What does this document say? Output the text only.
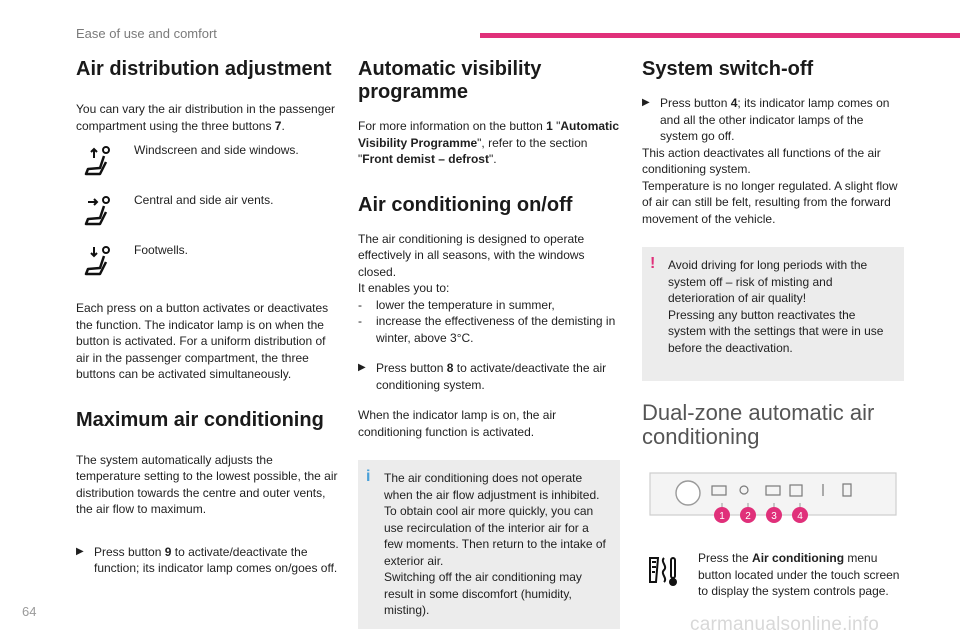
Ease of use and comfort
Air distribution adjustment

You can vary the air distribution in the passenger compartment using the three buttons 7.

Windscreen and side windows.

Central and side air vents.

Footwells.

Each press on a button activates or deactivates the function. The indicator lamp is on when the button is activated. For a uniform distribution of air in the passenger compartment, the three buttons can be activated simultaneously.

Maximum air conditioning

The system automatically adjusts the temperature setting to the lowest possible, the air distribution towards the centre and outer vents, the air flow to maximum.

▶ Press button 9 to activate/deactivate the function; its indicator lamp comes on/goes off.
Automatic visibility programme

For more information on the button 1 "Automatic Visibility Programme", refer to the section "Front demist – defrost".

Air conditioning on/off

The air conditioning is designed to operate effectively in all seasons, with the windows closed.

It enables you to:

-	lower the temperature in summer,
-	increase the effectiveness of the demisting in winter, above 3°C.
▶ Press button 8 to activate/deactivate the air conditioning system.

When the indicator lamp is on, the air conditioning function is activated.

i The air conditioning does not operate when the air flow adjustment is inhibited.
To obtain cool air more quickly, you can use recirculation of the interior air for a few moments. Then return to the intake of exterior air.
Switching off the air conditioning may result in some discomfort (humidity, misting).

System switch-off
▶ Press button 4; its indicator lamp comes on and all the other indicator lamps of the system go off.

This action deactivates all functions of the air conditioning system.
Temperature is no longer regulated. A slight flow of air can still be felt, resulting from the forward movement of the vehicle.

! Avoid driving for long periods with the system off – risk of misting and deterioration of air quality!
Pressing any button reactivates the system with the settings that were in use before the deactivation.

Dual-zone automatic air conditioning
1 2 3 4

Press the Air conditioning menu button located under the touch screen to display the system controls page.

64
carmanualsonline.info
